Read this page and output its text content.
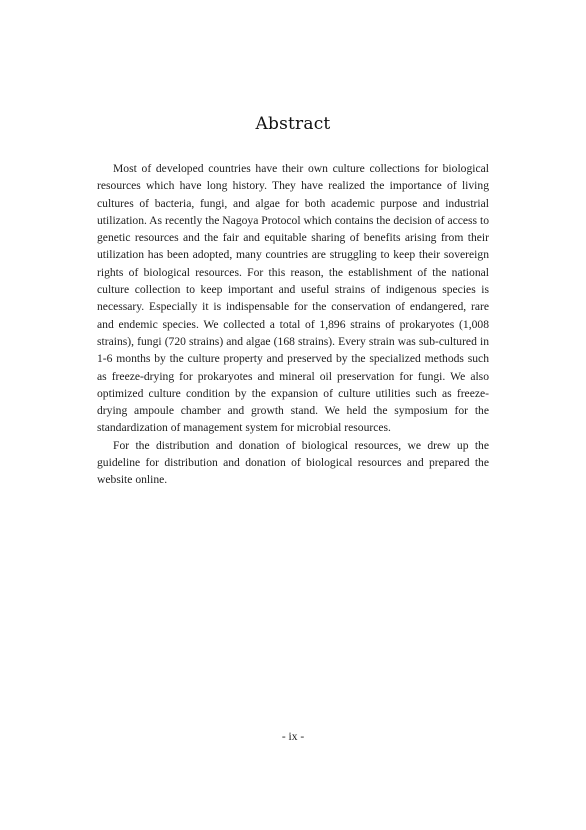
Abstract

Most of developed countries have their own culture collections for biological resources which have long history. They have realized the importance of living cultures of bacteria, fungi, and algae for both academic purpose and industrial utilization. As recently the Nagoya Protocol which contains the decision of access to genetic resources and the fair and equitable sharing of benefits arising from their utilization has been adopted, many countries are struggling to keep their sovereign rights of biological resources. For this reason, the establishment of the national culture collection to keep important and useful strains of indigenous species is necessary. Especially it is indispensable for the conservation of endangered, rare and endemic species. We collected a total of 1,896 strains of prokaryotes (1,008 strains), fungi (720 strains) and algae (168 strains). Every strain was sub-cultured in 1-6 months by the culture property and preserved by the specialized methods such as freeze-drying for prokaryotes and mineral oil preservation for fungi. We also optimized culture condition by the expansion of culture utilities such as freeze-drying ampoule chamber and growth stand. We held the symposium for the standardization of management system for microbial resources.

For the distribution and donation of biological resources, we drew up the guideline for distribution and donation of biological resources and prepared the website online.

- ix -
